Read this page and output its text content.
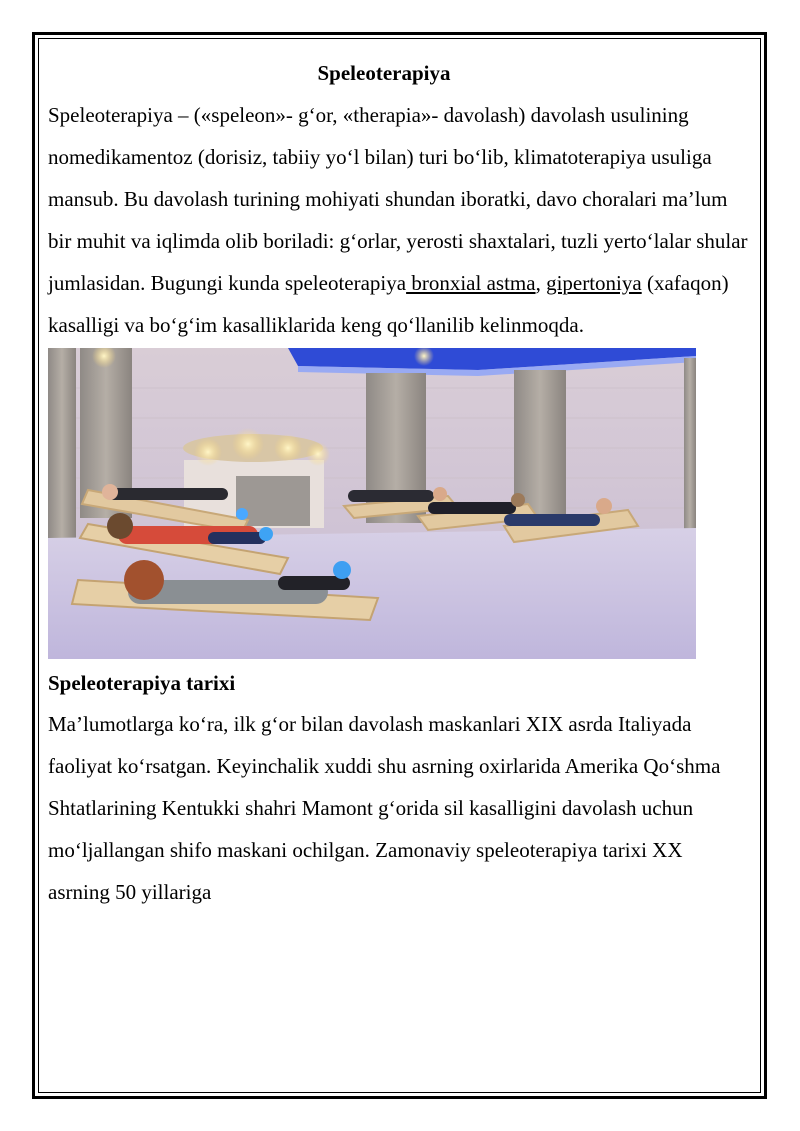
Speleoterapiya

Speleoterapiya – («speleon»- g‘or, «therapia»- davolash) davolash usulining nomedikamentoz (dorisiz, tabiiy yo‘l bilan) turi bo‘lib, klimatoterapiya usuliga mansub. Bu davolash turining mohiyati shundan iboratki, davo choralari ma’lum bir muhit va iqlimda olib boriladi: g‘orlar, yerosti shaxtalari, tuzli yerto‘lalar shular jumlasidan. Bugungi kunda speleoterapiya bronxial astma, gipertoniya (xafaqon) kasalligi va bo‘g‘im kasalliklarida keng qo‘llanilib kelinmoqda.

Speleoterapiya tarixi

Ma’lumotlarga ko‘ra, ilk g‘or bilan davolash maskanlari XIX asrda Italiyada faoliyat ko‘rsatgan. Keyinchalik xuddi shu asrning oxirlarida Amerika Qo‘shma Shtatlarining Kentukki shahri Mamont g‘orida sil kasalligini davolash uchun mo‘ljallangan shifo maskani ochilgan. Zamonaviy speleoterapiya tarixi XX asrning 50 yillariga
